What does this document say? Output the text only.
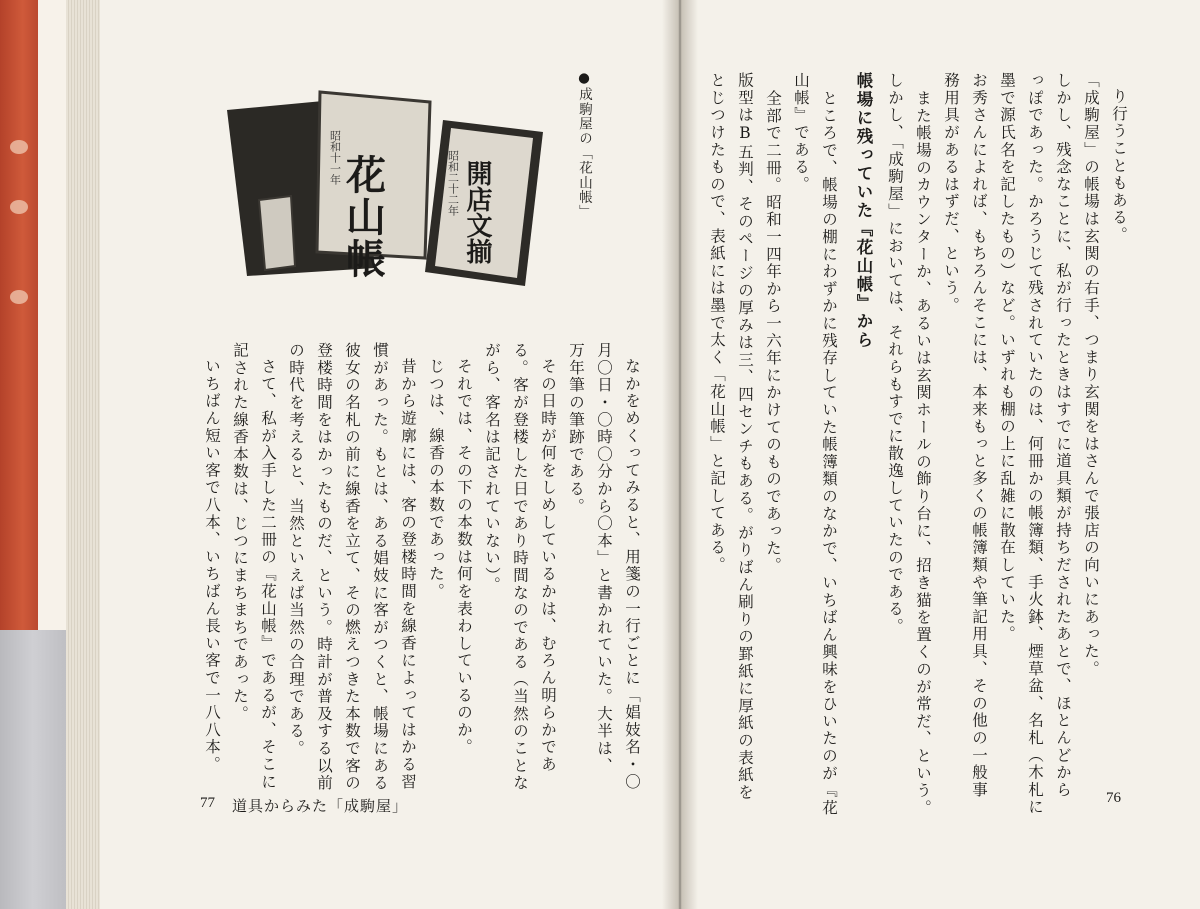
り行うこともある。
「成駒屋」の帳場は玄関の右手、つまり玄関をはさんで張店の向いにあった。
しかし、残念なことに、私が行ったときはすでに道具類が持ちだされたあとで、ほとんどから
っぽであった。かろうじて残されていたのは、何冊かの帳簿類、手火鉢、煙草盆、名札（木札に
墨で源氏名を記したもの）など。いずれも棚の上に乱雑に散在していた。
お秀さんによれば、もちろんそこには、本来もっと多くの帳簿類や筆記用具、その他の一般事
務用具があるはずだ、という。
また帳場のカウンターか、あるいは玄関ホールの飾り台に、招き猫を置くのが常だ、という。
しかし、「成駒屋」においては、それらもすでに散逸していたのである。
帳場に残っていた『花山帳』から
ところで、帳場の棚にわずかに残存していた帳簿類のなかで、いちばん興味をひいたのが『花
山帳』である。
全部で二冊。昭和一四年から一六年にかけてのものであった。
版型はB五判、そのページの厚みは三、四センチもある。がりばん刷りの罫紙に厚紙の表紙を
とじつけたもので、表紙には墨で太く「花山帳」と記してある。
76
花山帳
昭和十一年
開店文揃
昭和二十二年	●成駒屋の「花山帳」
なかをめくってみると、用箋の一行ごとに「娼妓名・〇
月〇日・〇時〇分から〇本」と書かれていた。大半は、
万年筆の筆跡である。
その日時が何をしめしているかは、むろん明らかであ
る。客が登楼した日であり時間なのである（当然のことな
がら、客名は記されていない）。
それでは、その下の本数は何を表わしているのか。
じつは、線香の本数であった。
昔から遊廓には、客の登楼時間を線香によってはかる習
慣があった。もとは、ある娼妓に客がつくと、帳場にある
彼女の名札の前に線香を立て、その燃えつきた本数で客の
登楼時間をはかったものだ、という。時計が普及する以前
の時代を考えると、当然といえば当然の合理である。
さて、私が入手した二冊の『花山帳』であるが、そこに
記された線香本数は、じつにまちまちであった。
いちばん短い客で八本、いちばん長い客で一八八本。
77 道具からみた「成駒屋」
